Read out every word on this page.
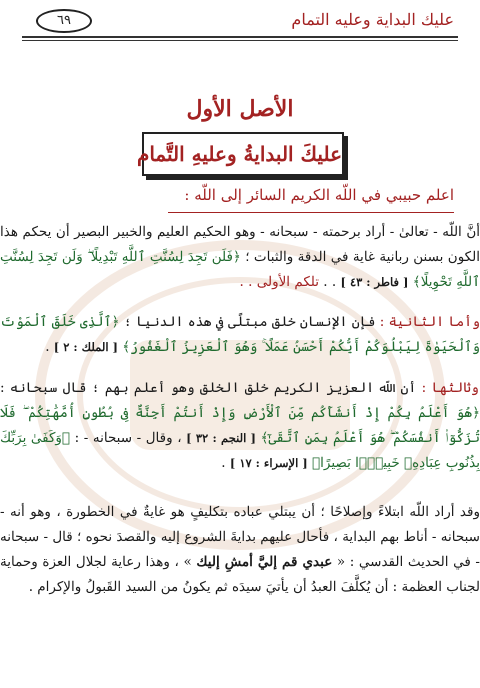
عليك البداية وعليه التمام
٦٩
الأصل الأول
عليكَ البدايةُ وعليهِ التَّمام
اعلم حبيبي في اللّه الكريم السائر إلى اللّه :

أنَّ اللّه - تعالىٰ - أراد برحمته - سبحانه - وهو الحكيم العليم والخبير البصير أن يحكم هذا الكون بسنن ربانية غاية في الدقة والثبات ؛ ﴿فَلَن تَجِدَ لِسُنَّتِ ٱللَّهِ تَبْدِيلًا ۖ وَلَن تَجِدَ لِسُنَّتِ ٱللَّهِ تَحْوِيلًا﴾ [ فاطر : ٤٣ ] . . تلكم الأولى . .

وأما الثانية : فإن الإنسان خلق مبتلًى في هذه الدنيا ؛ ﴿ٱلَّذِى خَلَقَ ٱلْمَوْتَ وَٱلْحَيَوٰةَ لِيَبْلُوَكُمْ أَيُّكُمْ أَحْسَنُ عَمَلًا ۚ وَهُوَ ٱلْعَزِيزُ ٱلْغَفُورُ﴾ [ الملك : ٢ ] .

وثالثها : أن اللّه العزيز الكريم خلق الخلق وهو أعلم بهم ؛ قال سبحانه : ﴿هُوَ أَعْلَمُ بِكُمْ إِذْ أَنشَأَكُم مِّنَ ٱلْأَرْضِ وَإِذْ أَنتُمْ أَجِنَّةٌ فِى بُطُونِ أُمَّهَٰتِكُمْ ۖ فَلَا تُزَكُّوٓا۟ أَنفُسَكُمْ ۖ هُوَ أَعْلَمُ بِمَنِ ٱتَّقَىٰٓ﴾ [ النجم : ٣٢ ] ، وقال - سبحانه - : ﴿وَكَفَىٰ بِرَبِّكَ بِذُنُوبِ عِبَادِهِۦ خَبِيرًۢا بَصِيرًا﴾ [ الإسراء : ١٧ ] .

وقد أراد اللّه ابتلاءً وإصلاحًا ؛ أن يبتلي عباده بتكليفٍ هو غايةٌ في الخطورة ، وهو أنه - سبحانه - أناط بهم البداية ، فأحال عليهم بدايةَ الشروع إليه والقصدَ نحوه ؛ قال - سبحانه - في الحديث القدسي : « عبدي قم إليَّ أمشِ إليك » ، وهذا رعاية لجلال العزة وحماية لجناب العظمة : أن يُكلَّفَ العبدُ أن يأتيَ سيدَه ثم يكونُ من السيد القَبولُ والإكرام .
